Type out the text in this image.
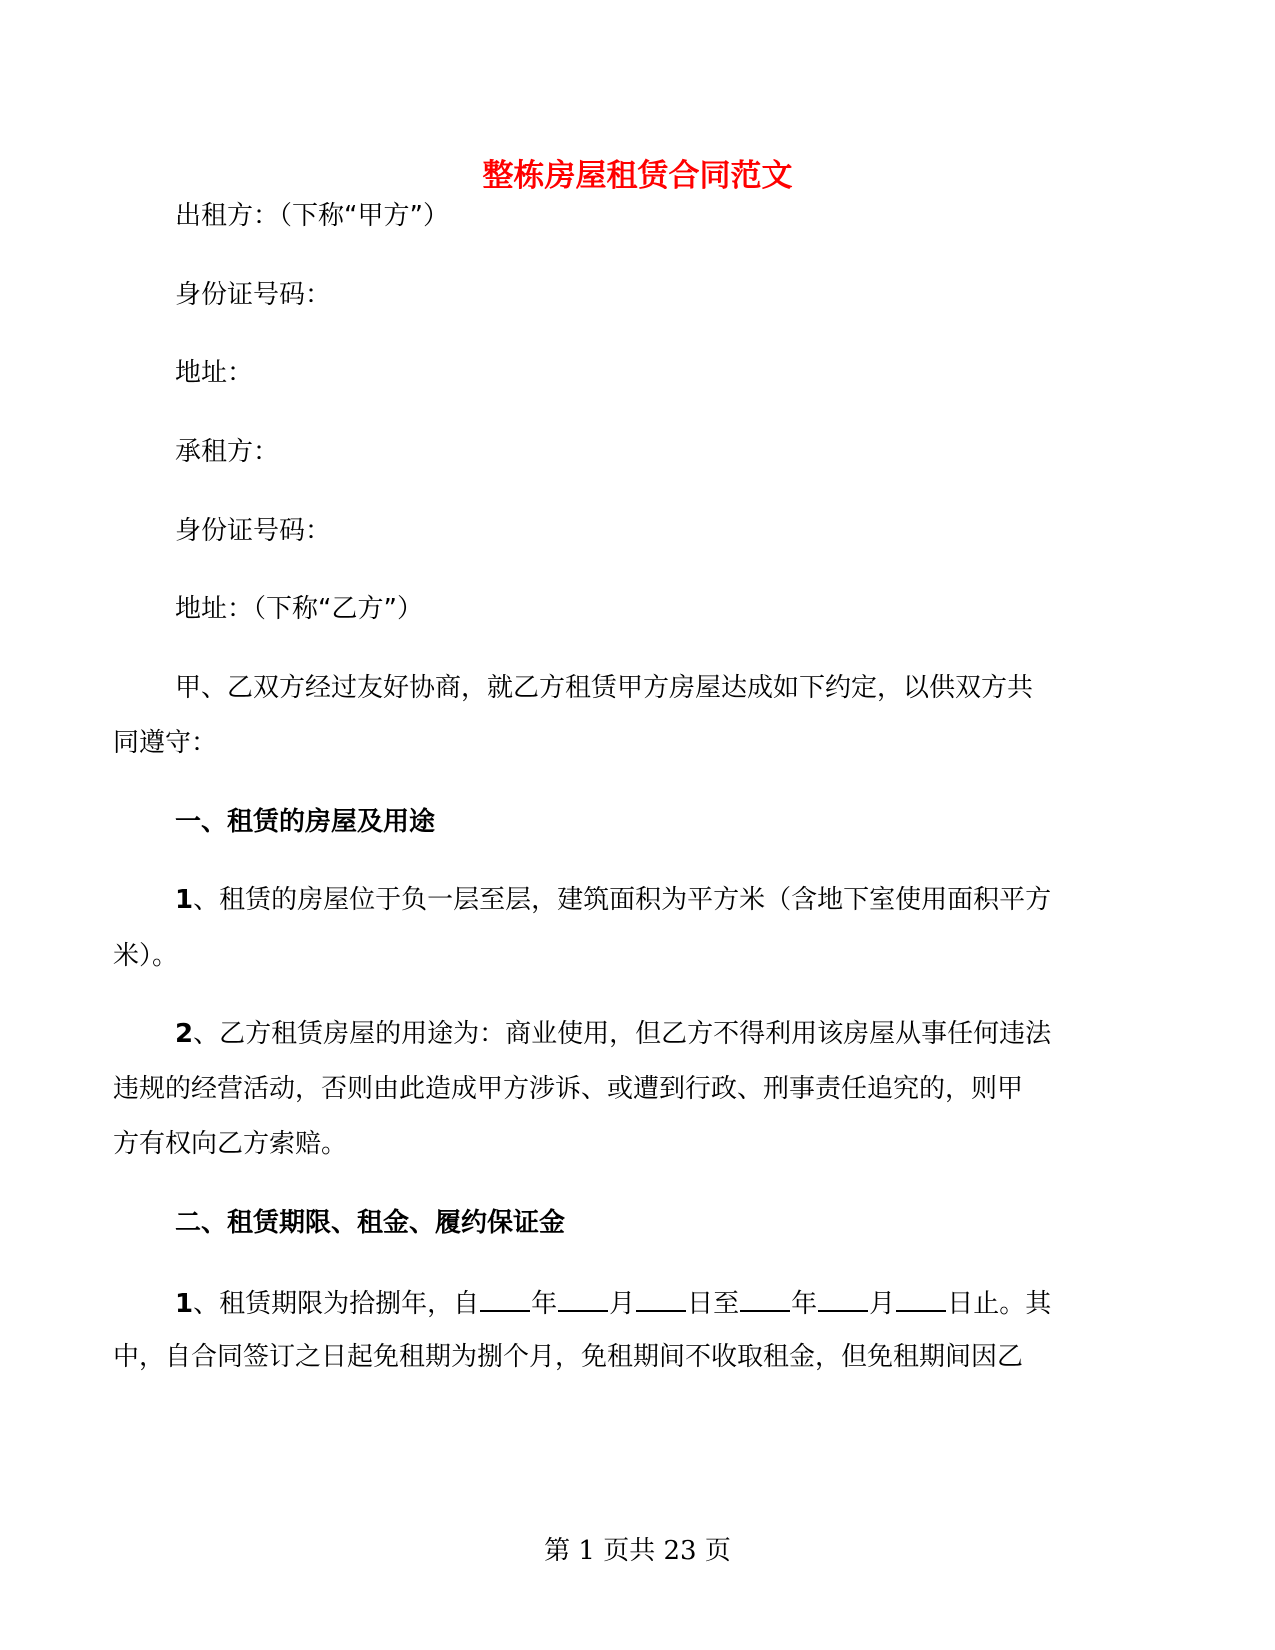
整栋房屋租赁合同范文
出租方：（下称“甲方”）
身份证号码：
地址：
承租方：
身份证号码：
地址：（下称“乙方”）
甲、乙双方经过友好协商，就乙方租赁甲方房屋达成如下约定，以供双方共
同遵守：
一、租赁的房屋及用途
1、租赁的房屋位于负一层至层，建筑面积为平方米（含地下室使用面积平方
米）。
2、乙方租赁房屋的用途为：商业使用，但乙方不得利用该房屋从事任何违法
违规的经营活动，否则由此造成甲方涉诉、或遭到行政、刑事责任追究的，则甲
方有权向乙方索赔。
二、租赁期限、租金、履约保证金
1、租赁期限为拾捌年，自 年 月 日至 年 月 日止。其
中，自合同签订之日起免租期为捌个月，免租期间不收取租金，但免租期间因乙
第 1 页共 23 页
